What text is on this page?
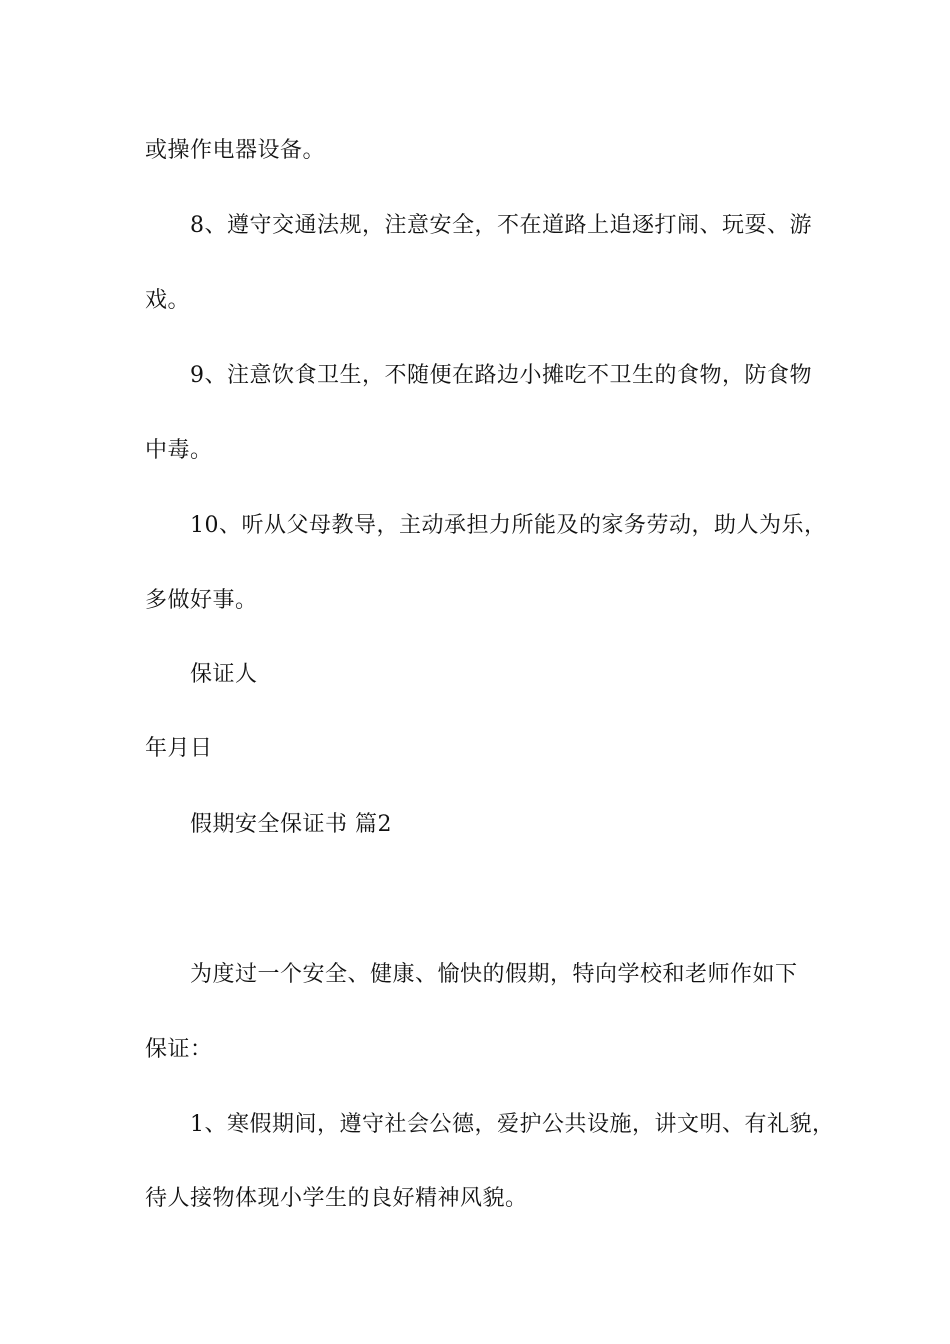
或操作电器设备。
8、遵守交通法规，注意安全，不在道路上追逐打闹、玩耍、游
戏。
9、注意饮食卫生，不随便在路边小摊吃不卫生的食物，防食物
中毒。
10、听从父母教导，主动承担力所能及的家务劳动，助人为乐，
多做好事。
保证人
年月日
假期安全保证书 篇2
为度过一个安全、健康、愉快的假期，特向学校和老师作如下
保证：
1、寒假期间，遵守社会公德，爱护公共设施，讲文明、有礼貌，
待人接物体现小学生的良好精神风貌。
